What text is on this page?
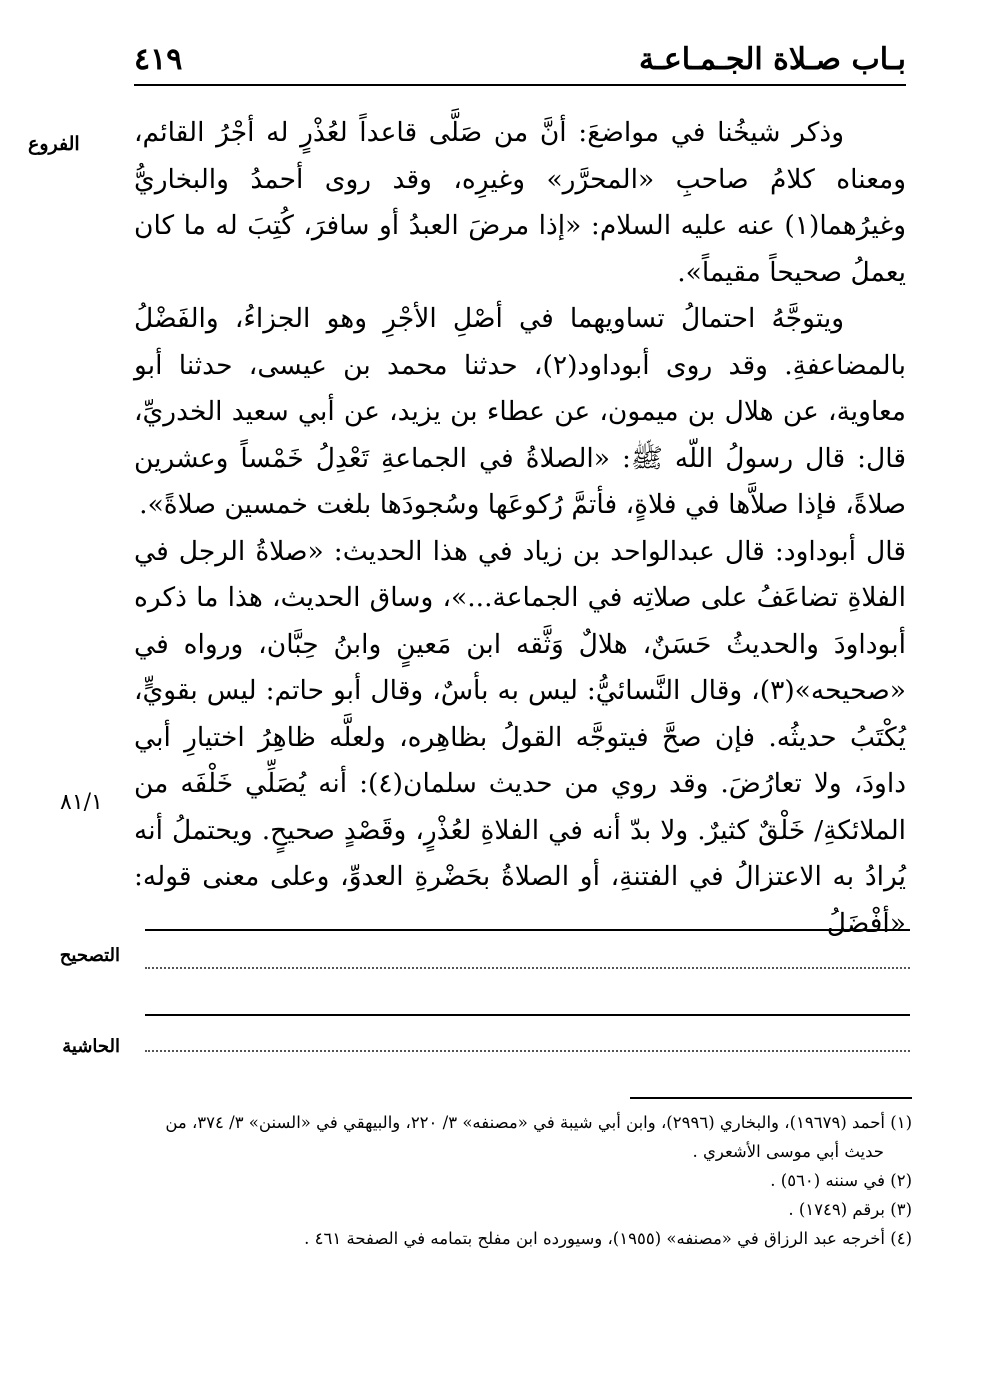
بـاب صـلاة الجـمـاعـة
٤١٩
الفروع
٨١/١

وذكر شيخُنا في مواضعَ: أنَّ من صَلَّى قاعداً لعُذْرٍ له أجْرُ القائم، ومعناه كلامُ صاحبِ «المحرَّر» وغيرِه، وقد روى أحمدُ والبخاريُّ وغيرُهما(١) عنه عليه السلام: «إذا مرضَ العبدُ أو سافرَ، كُتِبَ له ما كان يعملُ صحيحاً مقيماً».

ويتوجَّهُ احتمالُ تساويهما في أصْلِ الأجْرِ وهو الجزاءُ، والفَضْلُ بالمضاعفةِ. وقد روى أبوداود(٢)، حدثنا محمد بن عيسى، حدثنا أبو معاوية، عن هلال بن ميمون، عن عطاء بن يزيد، عن أبي سعيد الخدريِّ، قال: قال رسولُ اللّه ﷺ: «الصلاةُ في الجماعةِ تَعْدِلُ خَمْساً وعشرين صلاةً، فإذا صلاَّها في فلاةٍ، فأتمَّ رُكوعَها وسُجودَها بلغت خمسين صلاةً».

قال أبوداود: قال عبدالواحد بن زياد في هذا الحديث: «صلاةُ الرجل في الفلاةِ تضاعَفُ على صلاتِه في الجماعة...»، وساق الحديث، هذا ما ذكره أبوداودَ والحديثُ حَسَنٌ، هلالٌ وَثَّقه ابن مَعينٍ وابنُ حِبَّان، ورواه في «صحيحه»(٣)، وقال النَّسائيُّ: ليس به بأسٌ، وقال أبو حاتم: ليس بقويٍّ، يُكْتَبُ حديثُه. فإن صحَّ فيتوجَّه القولُ بظاهِره، ولعلَّه ظاهِرُ اختيارِ أبي داودَ، ولا تعارُضَ. وقد روي من حديث سلمان(٤): أنه يُصَلِّي خَلْفَه من الملائكةِ/ خَلْقٌ كثيرٌ. ولا بدّ أنه في الفلاةِ لعُذْرٍ، وقَصْدٍ صحيحٍ. ويحتملُ أنه يُرادُ به الاعتزالُ في الفتنةِ، أو الصلاةُ بحَضْرةِ العدوِّ، وعلى معنى قوله: «أفْضَلُ

التصحيح
الحاشية

(١) أحمد (١٩٦٧٩)، والبخاري (٢٩٩٦)، وابن أبي شيبة في «مصنفه» ٣/ ٢٢٠، والبيهقي في «السنن» ٣/ ٣٧٤، من

حديث أبي موسى الأشعري .

(٢) في سننه (٥٦٠) .

(٣) برقم (١٧٤٩) .

(٤) أخرجه عبد الرزاق في «مصنفه» (١٩٥٥)، وسيورده ابن مفلح بتمامه في الصفحة ٤٦١ .
